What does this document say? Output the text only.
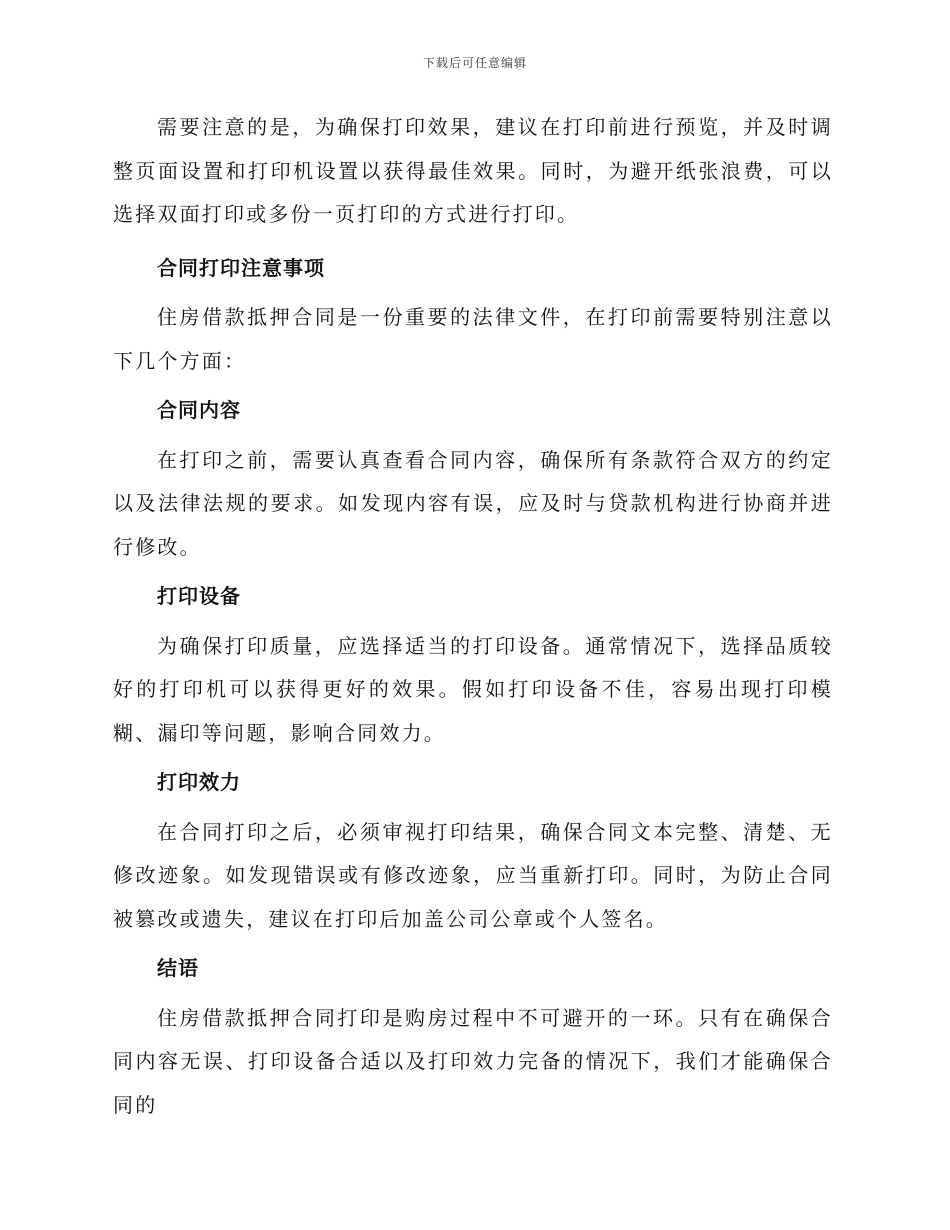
下载后可任意编辑

需要注意的是，为确保打印效果，建议在打印前进行预览，并及时调整页面设置和打印机设置以获得最佳效果。同时，为避开纸张浪费，可以选择双面打印或多份一页打印的方式进行打印。

合同打印注意事项

住房借款抵押合同是一份重要的法律文件，在打印前需要特别注意以下几个方面：

合同内容

在打印之前，需要认真查看合同内容，确保所有条款符合双方的约定以及法律法规的要求。如发现内容有误，应及时与贷款机构进行协商并进行修改。

打印设备

为确保打印质量，应选择适当的打印设备。通常情况下，选择品质较好的打印机可以获得更好的效果。假如打印设备不佳，容易出现打印模糊、漏印等问题，影响合同效力。

打印效力

在合同打印之后，必须审视打印结果，确保合同文本完整、清楚、无修改迹象。如发现错误或有修改迹象，应当重新打印。同时，为防止合同被篡改或遗失，建议在打印后加盖公司公章或个人签名。

结语

住房借款抵押合同打印是购房过程中不可避开的一环。只有在确保合同内容无误、打印设备合适以及打印效力完备的情况下，我们才能确保合同的
